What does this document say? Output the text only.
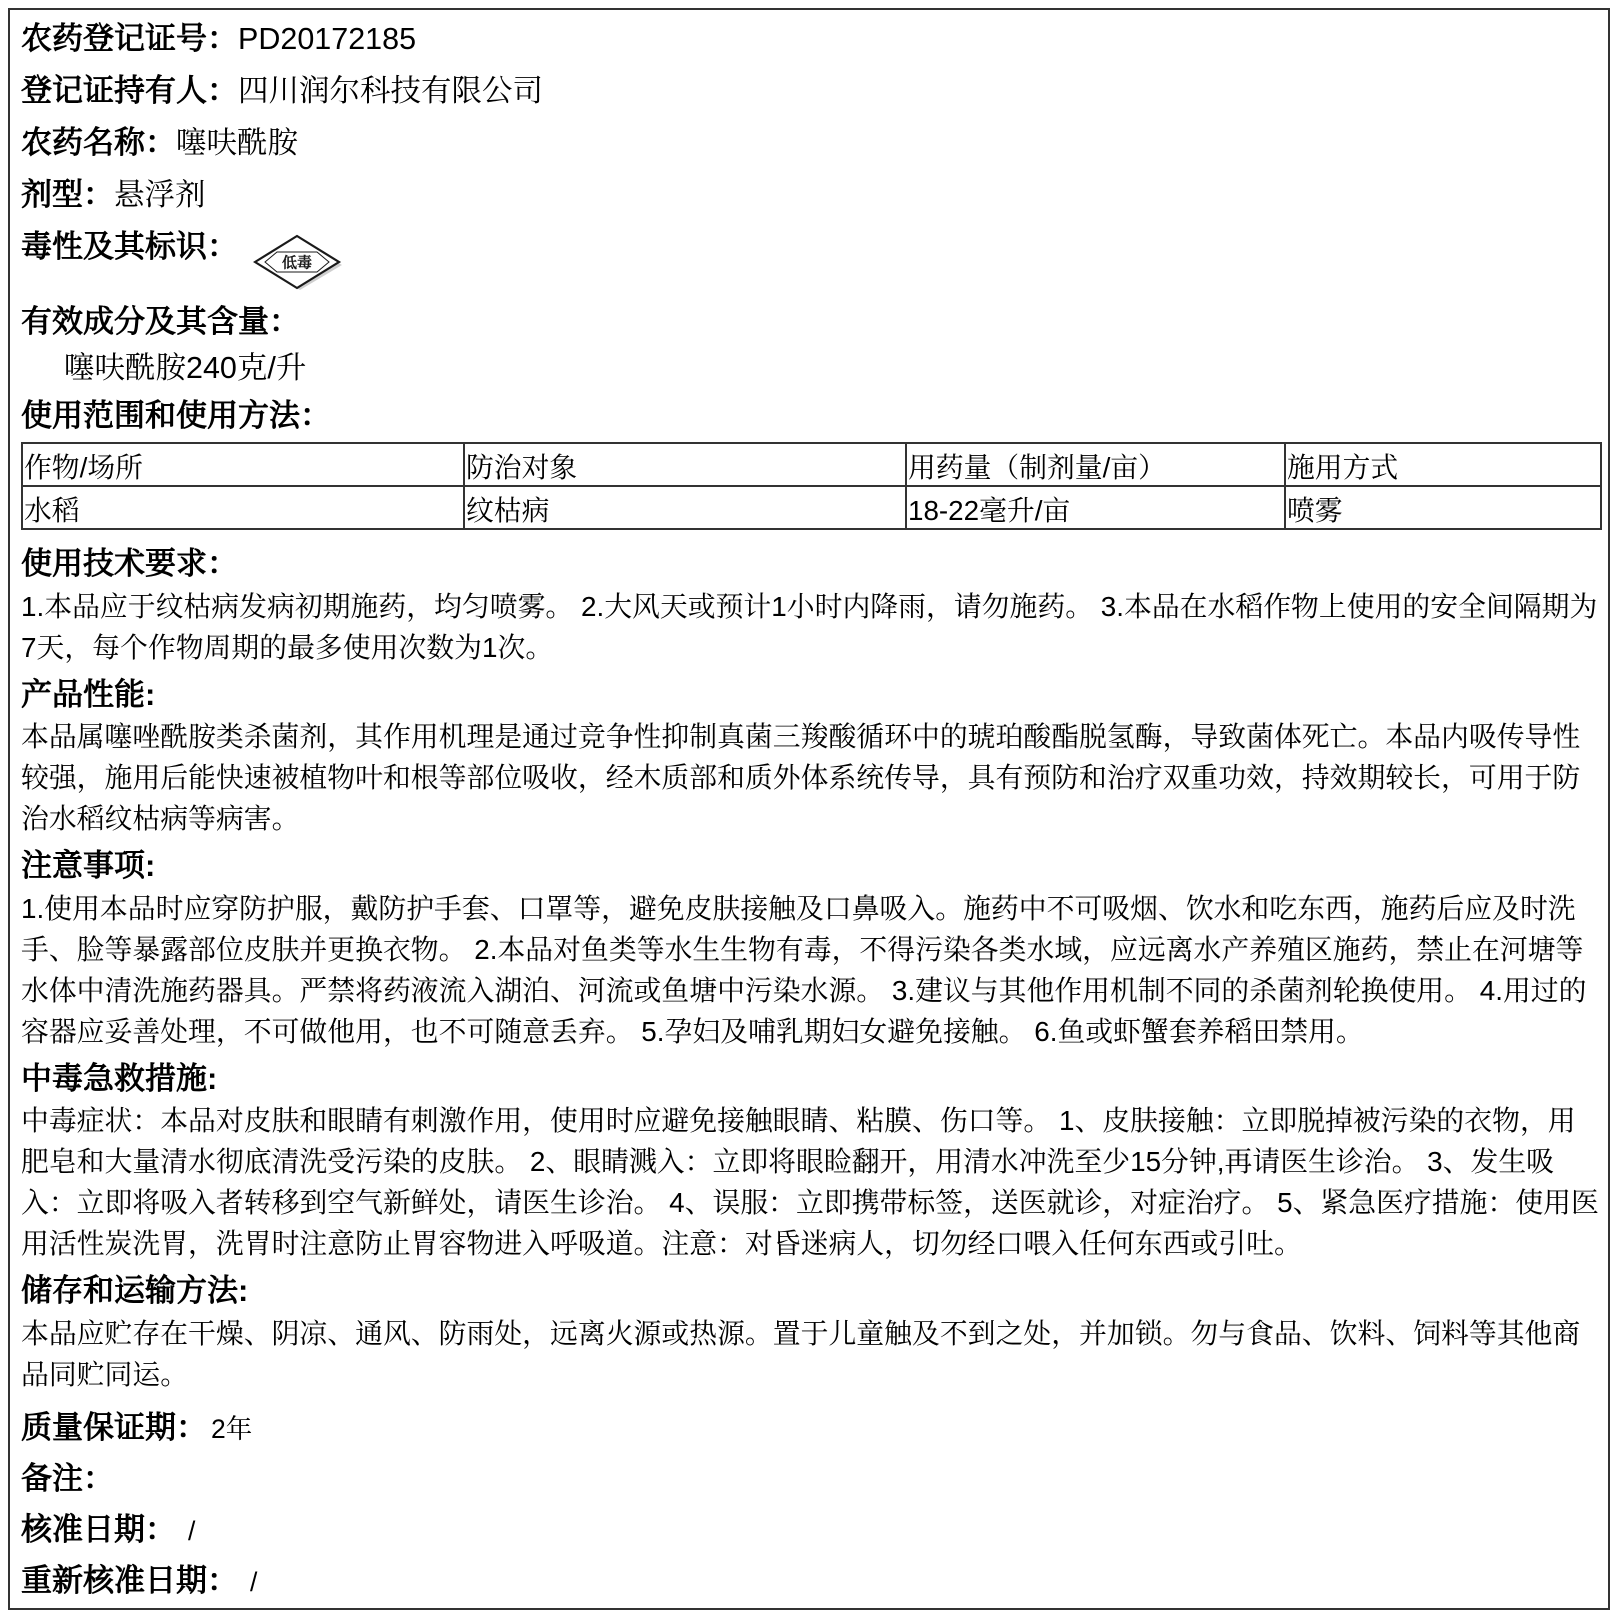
农药登记证号：PD20172185
登记证持有人：四川润尔科技有限公司
农药名称：噻呋酰胺
剂型：悬浮剂
毒性及其标识：	低毒
有效成分及其含量：
噻呋酰胺240克/升
使用范围和使用方法：
作物/场所	防治对象	用药量（制剂量/亩）	施用方式
水稻	纹枯病	18-22毫升/亩	喷雾
使用技术要求：

1.本品应于纹枯病发病初期施药，均匀喷雾。 2.大风天或预计1小时内降雨，请勿施药。 3.本品在水稻作物上使用的安全间隔期为7天，每个作物周期的最多使用次数为1次。

产品性能:

本品属噻唑酰胺类杀菌剂，其作用机理是通过竞争性抑制真菌三羧酸循环中的琥珀酸酯脱氢酶，导致菌体死亡。本品内吸传导性较强，施用后能快速被植物叶和根等部位吸收，经木质部和质外体系统传导，具有预防和治疗双重功效，持效期较长，可用于防治水稻纹枯病等病害。

注意事项:

1.使用本品时应穿防护服，戴防护手套、口罩等，避免皮肤接触及口鼻吸入。施药中不可吸烟、饮水和吃东西，施药后应及时洗手、脸等暴露部位皮肤并更换衣物。 2.本品对鱼类等水生生物有毒，不得污染各类水域，应远离水产养殖区施药，禁止在河塘等水体中清洗施药器具。严禁将药液流入湖泊、河流或鱼塘中污染水源。 3.建议与其他作用机制不同的杀菌剂轮换使用。 4.用过的容器应妥善处理，不可做他用，也不可随意丢弃。 5.孕妇及哺乳期妇女避免接触。 6.鱼或虾蟹套养稻田禁用。

中毒急救措施:

中毒症状：本品对皮肤和眼睛有刺激作用，使用时应避免接触眼睛、粘膜、伤口等。 1、皮肤接触：立即脱掉被污染的衣物，用肥皂和大量清水彻底清洗受污染的皮肤。 2、眼睛溅入：立即将眼睑翻开，用清水冲洗至少15分钟,再请医生诊治。 3、发生吸入：立即将吸入者转移到空气新鲜处，请医生诊治。 4、误服：立即携带标签，送医就诊，对症治疗。 5、紧急医疗措施：使用医用活性炭洗胃，洗胃时注意防止胃容物进入呼吸道。注意：对昏迷病人，切勿经口喂入任何东西或引吐。

储存和运输方法:

本品应贮存在干燥、阴凉、通风、防雨处，远离火源或热源。置于儿童触及不到之处，并加锁。勿与食品、饮料、饲料等其他商品同贮同运。

质量保证期： 2年
备注：
核准日期： /
重新核准日期： /
